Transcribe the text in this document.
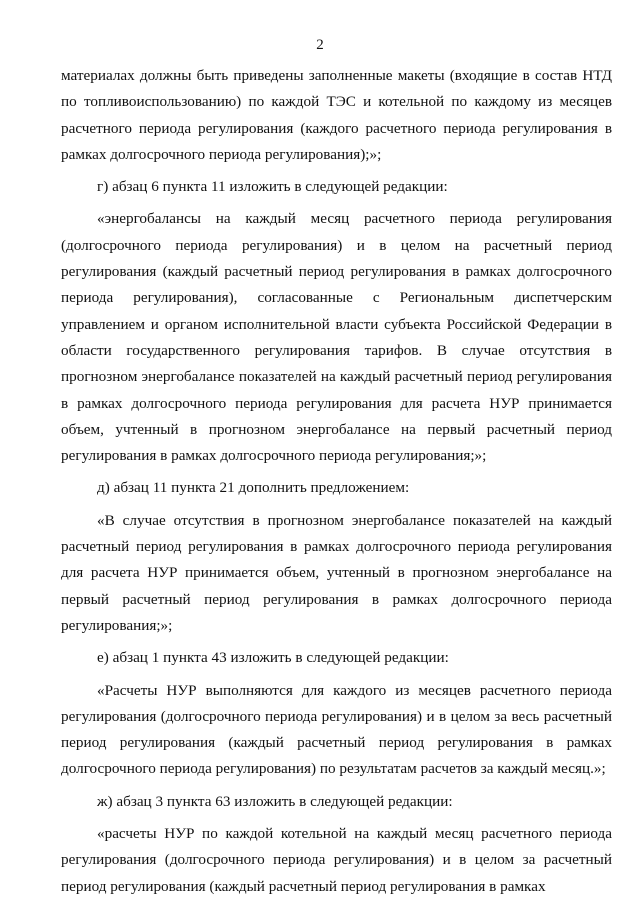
2

материалах должны быть приведены заполненные макеты (входящие в состав НТД по топливоиспользованию) по каждой ТЭС и котельной по каждому из месяцев расчетного периода регулирования (каждого расчетного периода регулирования в рамках долгосрочного периода регулирования);»;

г) абзац 6 пункта 11 изложить в следующей редакции:

«энергобалансы на каждый месяц расчетного периода регулирования (долгосрочного периода регулирования) и в целом на расчетный период регулирования (каждый расчетный период регулирования в рамках долгосрочного периода регулирования), согласованные с Региональным диспетчерским управлением и органом исполнительной власти субъекта Российской Федерации в области государственного регулирования тарифов. В случае отсутствия в прогнозном энергобалансе показателей на каждый расчетный период регулирования в рамках долгосрочного периода регулирования для расчета НУР принимается объем, учтенный в прогнозном энергобалансе на первый расчетный период регулирования в рамках долгосрочного периода регулирования;»;

д) абзац 11 пункта 21 дополнить предложением:

«В случае отсутствия в прогнозном энергобалансе показателей на каждый расчетный период регулирования в рамках долгосрочного периода регулирования для расчета НУР принимается объем, учтенный в прогнозном энергобалансе на первый расчетный период регулирования в рамках долгосрочного периода регулирования;»;

е) абзац 1 пункта 43 изложить в следующей редакции:

«Расчеты НУР выполняются для каждого из месяцев расчетного периода регулирования (долгосрочного периода регулирования) и в целом за весь расчетный период регулирования (каждый расчетный период регулирования в рамках долгосрочного периода регулирования) по результатам расчетов за каждый месяц.»;

ж) абзац 3 пункта 63 изложить в следующей редакции:

«расчеты НУР по каждой котельной на каждый месяц расчетного периода регулирования (долгосрочного периода регулирования) и в целом за расчетный период регулирования (каждый расчетный период регулирования в рамках
